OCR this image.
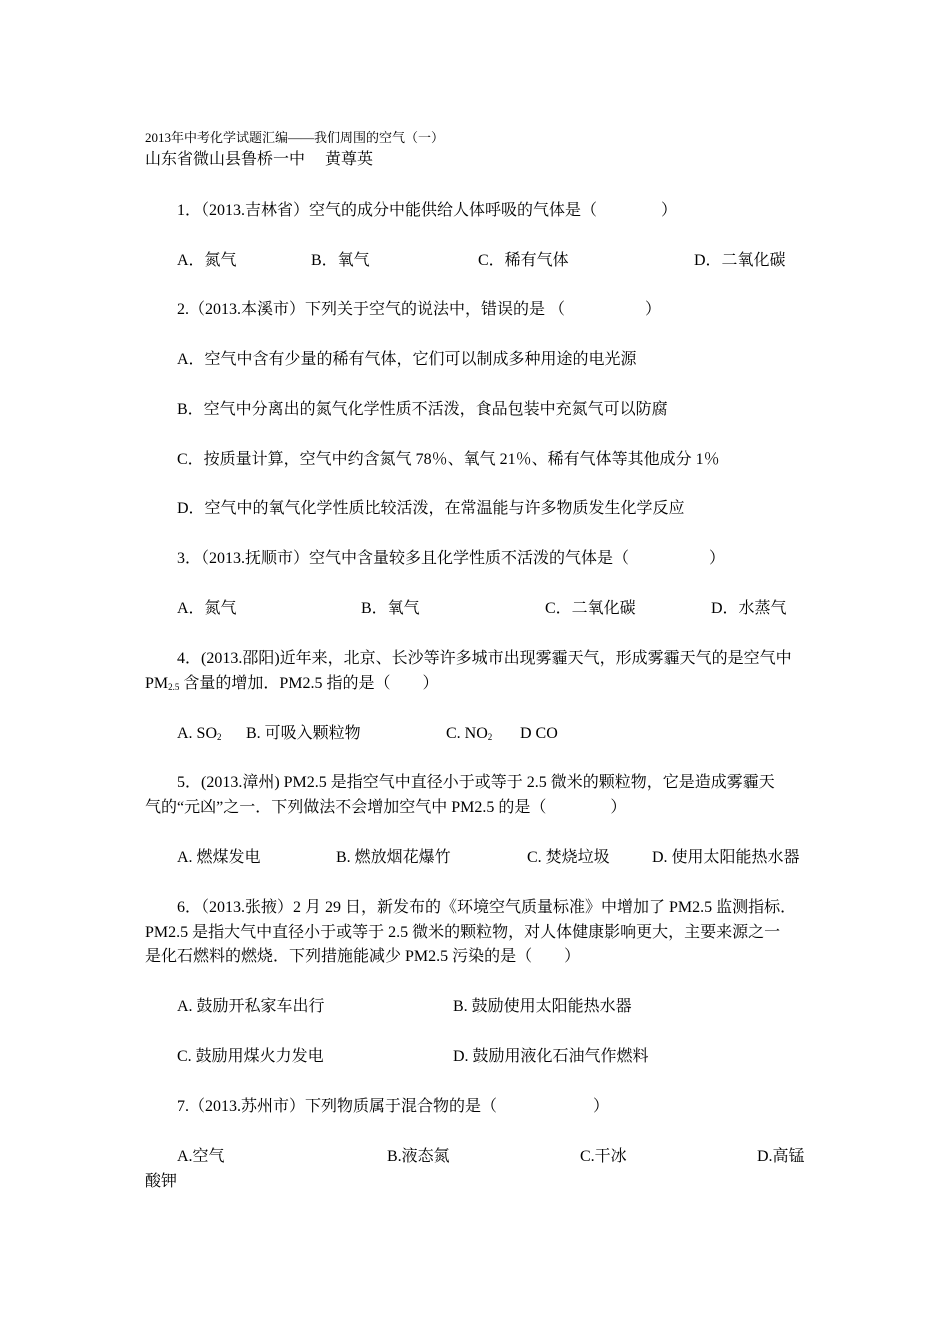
2013年中考化学试题汇编——我们周围的空气（一）
山东省微山县鲁桥一中　 黄尊英
1．（2013.吉林省）空气的成分中能供给人体呼吸的气体是（　　　　）
A．氮气	B．氧气	C．稀有气体	D．二氧化碳
2.（2013.本溪市）下列关于空气的说法中，错误的是 （　　　　　）
A．空气中含有少量的稀有气体，它们可以制成多种用途的电光源
B．空气中分离出的氮气化学性质不活泼，食品包装中充氮气可以防腐
C．按质量计算，空气中约含氮气 78％、氧气 21％、稀有气体等其他成分 1％
D．空气中的氧气化学性质比较活泼，在常温能与许多物质发生化学反应
3．（2013.抚顺市）空气中含量较多且化学性质不活泼的气体是（　　　　　）
A．氮气	B．氧气	C．二氧化碳	D．水蒸气
4．(2013.邵阳)近年来，北京、长沙等许多城市出现雾霾天气，形成雾霾天气的是空气中
$PM_{2.5}$ 含量的增加．PM2.5 指的是（　　）
A. $SO_2$ B. 可吸入颗粒物	C. $NO_2$ D CO
5．(2013.漳州) PM2.5 是指空气中直径小于或等于 2.5 微米的颗粒物，它是造成雾霾天
气的“元凶”之一．下列做法不会增加空气中 PM2.5 的是（　　　　）
A. 燃煤发电	B. 燃放烟花爆竹	C. 焚烧垃圾	D. 使用太阳能热水器
6．（2013.张掖）2 月 29 日，新发布的《环境空气质量标准》中增加了 PM2.5 监测指标．
PM2.5 是指大气中直径小于或等于 2.5 微米的颗粒物，对人体健康影响更大，主要来源之一
是化石燃料的燃烧．下列措施能减少 PM2.5 污染的是（　　）
A. 鼓励开私家车出行	B. 鼓励使用太阳能热水器
C. 鼓励用煤火力发电	D. 鼓励用液化石油气作燃料
7.（2013.苏州市）下列物质属于混合物的是（　　　　　　）
A.空气	B.液态氮	C.干冰	D.高锰
酸钾
